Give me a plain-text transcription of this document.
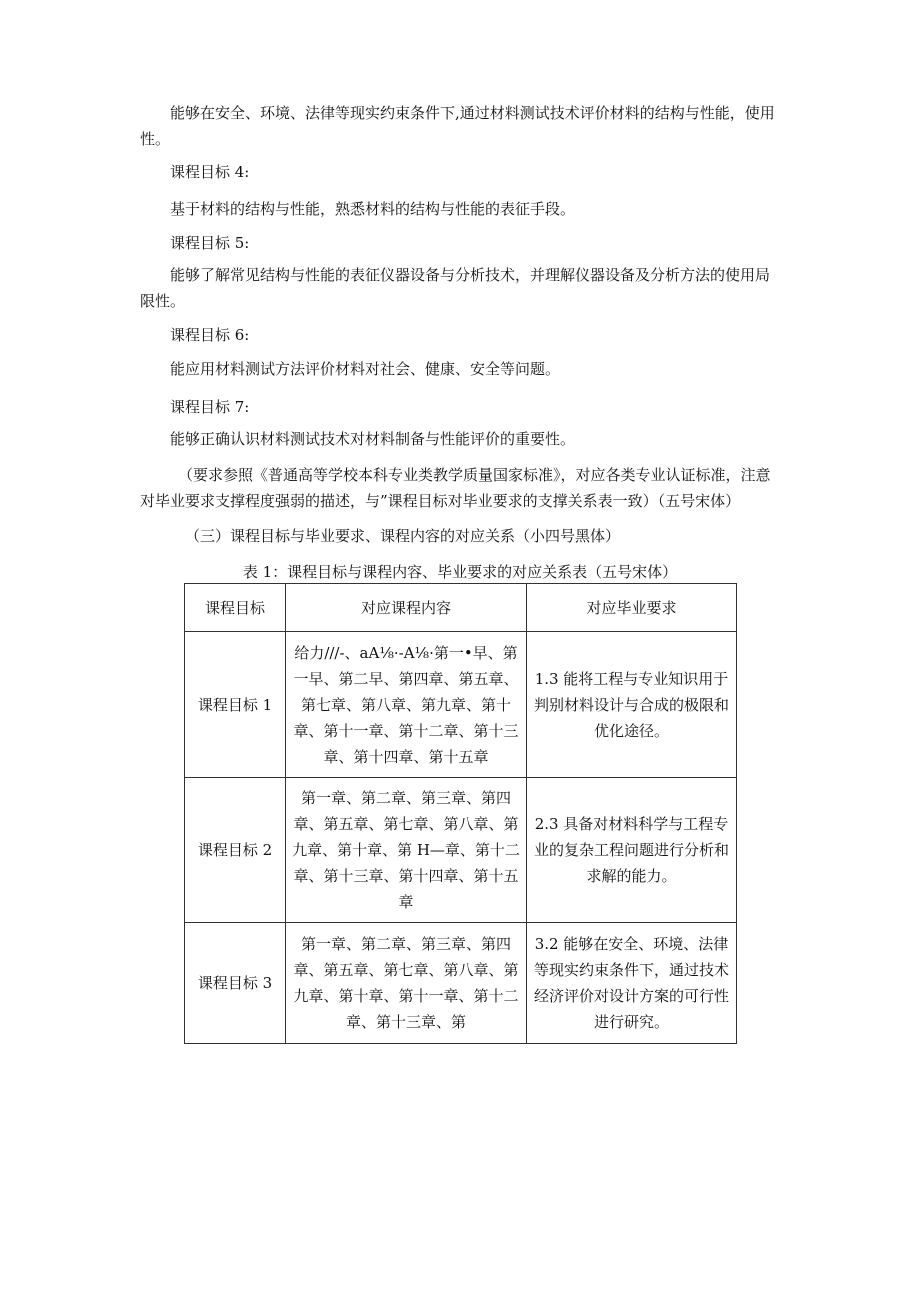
能够在安全、环境、法律等现实约束条件下,通过材料测试技术评价材料的结构与性能，使用性。

课程目标 4:

基于材料的结构与性能，熟悉材料的结构与性能的表征手段。

课程目标 5:

能够了解常见结构与性能的表征仪器设备与分析技术，并理解仪器设备及分析方法的使用局限性。

课程目标 6:

能应用材料测试方法评价材料对社会、健康、安全等问题。

课程目标 7:

能够正确认识材料测试技术对材料制备与性能评价的重要性。

（要求参照《普通高等学校本科专业类教学质量国家标准》，对应各类专业认证标准，注意对毕业要求支撑程度强弱的描述，与”课程目标对毕业要求的支撑关系表一致）（五号宋体）

（三）课程目标与毕业要求、课程内容的对应关系（小四号黑体）
表 1：课程目标与课程内容、毕业要求的对应关系表（五号宋体）
课程目标	对应课程内容	对应毕业要求
课程目标 1	给力///-、aA⅛·-A⅛·第一•早、第一早、第二早、第四章、第五章、第七章、第八章、第九章、第十章、第十一章、第十二章、第十三章、第十四章、第十五章	1.3 能将工程与专业知识用于判别材料设计与合成的极限和优化途径。
课程目标 2	第一章、第二章、第三章、第四章、第五章、第七章、第八章、第九章、第十章、第 H—章、第十二章、第十三章、第十四章、第十五章	2.3 具备对材料科学与工程专业的复杂工程问题进行分析和求解的能力。
课程目标 3	第一章、第二章、第三章、第四章、第五章、第七章、第八章、第九章、第十章、第十一章、第十二章、第十三章、第	3.2 能够在安全、环境、法律等现实约束条件下，通过技术经济评价对设计方案的可行性进行研究。
